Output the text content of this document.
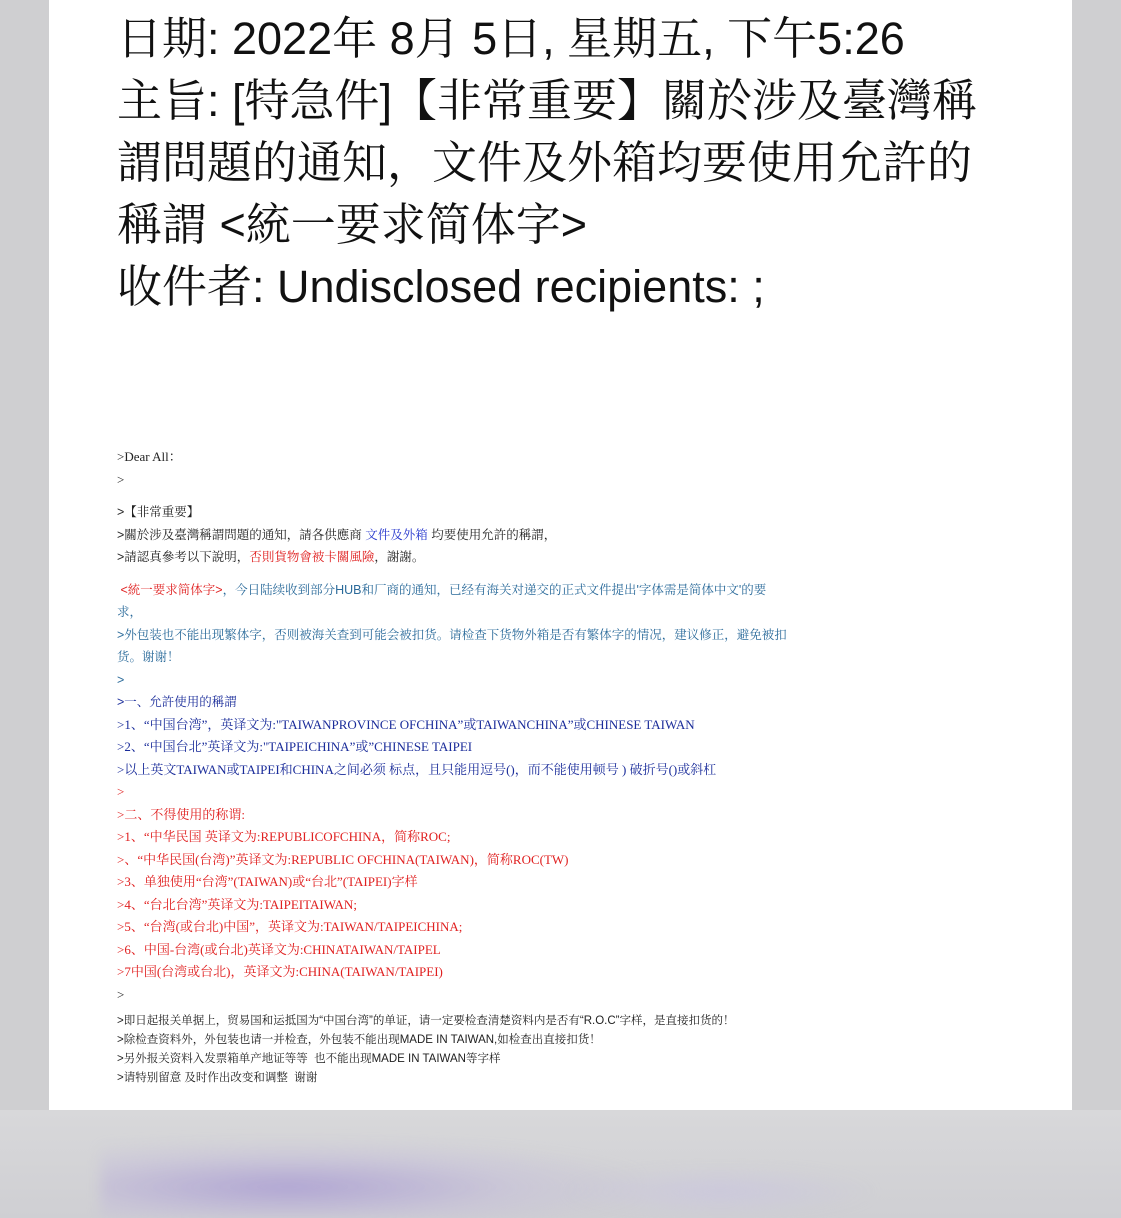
日期: 2022年 8月 5日, 星期五, 下午5:26
主旨: [特急件]【非常重要】關於涉及臺灣稱
謂問題的通知，文件及外箱均要使用允許的
稱謂 <統一要求简体字>
收件者: Undisclosed recipients: ;
>Dear All：
>
>【非常重要】
>關於涉及臺灣稱謂問題的通知，請各供應商 文件及外箱 均要使用允許的稱謂，
>請認真參考以下說明，否則貨物會被卡關風險，謝謝。
<統一要求简体字>，今日陆续收到部分HUB和厂商的通知，已经有海关对递交的正式文件提出'字体需是简体中文'的要
求，
>外包装也不能出现繁体字，否则被海关查到可能会被扣货。请检查下货物外箱是否有繁体字的情况，建议修正，避免被扣
货。谢谢！
>
>一、允許使用的稱謂
>1、“中国台湾”，英译文为:"TAIWANPROVINCE OFCHINA”或TAIWANCHINA”或CHINESE TAIWAN
>2、“中国台北”英译文为:"TAIPEICHINA”或”CHINESE TAIPEI
>以上英文TAIWAN或TAIPEI和CHINA之间必须 标点，且只能用逗号()，而不能使用顿号 ) 破折号()或斜杠
>
>二、不得使用的称谓:
>1、“中华民国 英译文为:REPUBLICOFCHINA，简称ROC;
>、“中华民国(台湾)”英译文为:REPUBLIC OFCHINA(TAIWAN)，简称ROC(TW)
>3、单独使用“台湾”(TAIWAN)或“台北”(TAIPEI)字样
>4、“台北台湾”英译文为:TAIPEITAIWAN;
>5、“台湾(或台北)中国”，英译文为:TAIWAN/TAIPEICHINA;
>6、中国-台湾(或台北)英译文为:CHINATAIWAN/TAIPEL
>7中国(台湾或台北)，英译文为:CHINA(TAIWAN/TAIPEI)
>
>即日起报关单据上，贸易国和运抵国为“中国台湾”的单证，请一定要检查清楚资料内是否有“R.O.C”字样，是直接扣货的！
>除检查资料外，外包装也请一并检查，外包装不能出现MADE IN TAIWAN,如检查出直接扣货！
>另外报关资料入发票箱单产地证等等  也不能出现MADE IN TAIWAN等字样
>请特别留意 及时作出改变和调整  谢谢
